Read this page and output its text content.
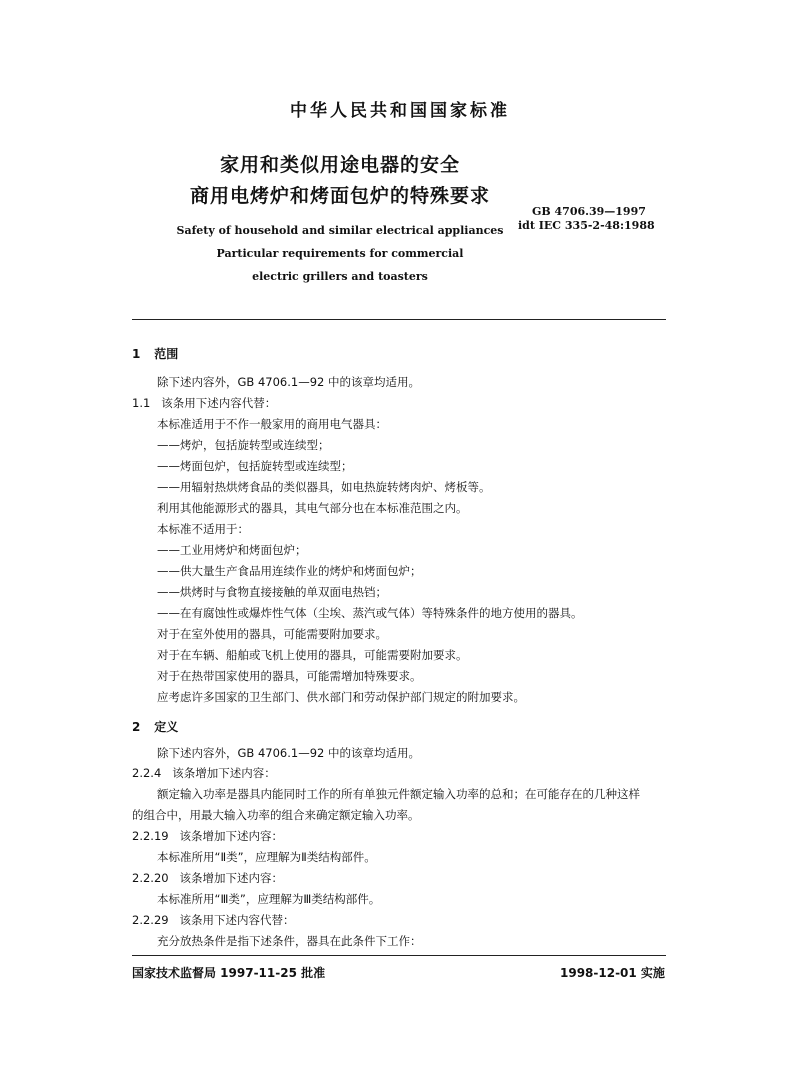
中华人民共和国国家标准
家用和类似用途电器的安全
商用电烤炉和烤面包炉的特殊要求
GB 4706.39—1997
idt IEC 335-2-48:1988
Safety of household and similar electrical appliances
Particular requirements for commercial
electric grillers and toasters
1 范围
除下述内容外，GB 4706.1—92 中的该章均适用。
1.1 该条用下述内容代替：
本标准适用于不作一般家用的商用电气器具：
——烤炉，包括旋转型或连续型；
——烤面包炉，包括旋转型或连续型；
——用辐射热烘烤食品的类似器具，如电热旋转烤肉炉、烤板等。
利用其他能源形式的器具，其电气部分也在本标准范围之内。
本标准不适用于：
——工业用烤炉和烤面包炉；
——供大量生产食品用连续作业的烤炉和烤面包炉；
——烘烤时与食物直接接触的单双面电热铛；
——在有腐蚀性或爆炸性气体（尘埃、蒸汽或气体）等特殊条件的地方使用的器具。
对于在室外使用的器具，可能需要附加要求。
对于在车辆、船舶或飞机上使用的器具，可能需要附加要求。
对于在热带国家使用的器具，可能需增加特殊要求。
应考虑许多国家的卫生部门、供水部门和劳动保护部门规定的附加要求。
2 定义
除下述内容外，GB 4706.1—92 中的该章均适用。
2.2.4 该条增加下述内容：
额定输入功率是器具内能同时工作的所有单独元件额定输入功率的总和；在可能存在的几种这样
的组合中，用最大输入功率的组合来确定额定输入功率。
2.2.19 该条增加下述内容：
本标准所用“Ⅱ类”，应理解为Ⅱ类结构部件。
2.2.20 该条增加下述内容：
本标准所用“Ⅲ类”，应理解为Ⅲ类结构部件。
2.2.29 该条用下述内容代替：
充分放热条件是指下述条件，器具在此条件下工作：
国家技术监督局 1997-11-25 批准	1998-12-01 实施
